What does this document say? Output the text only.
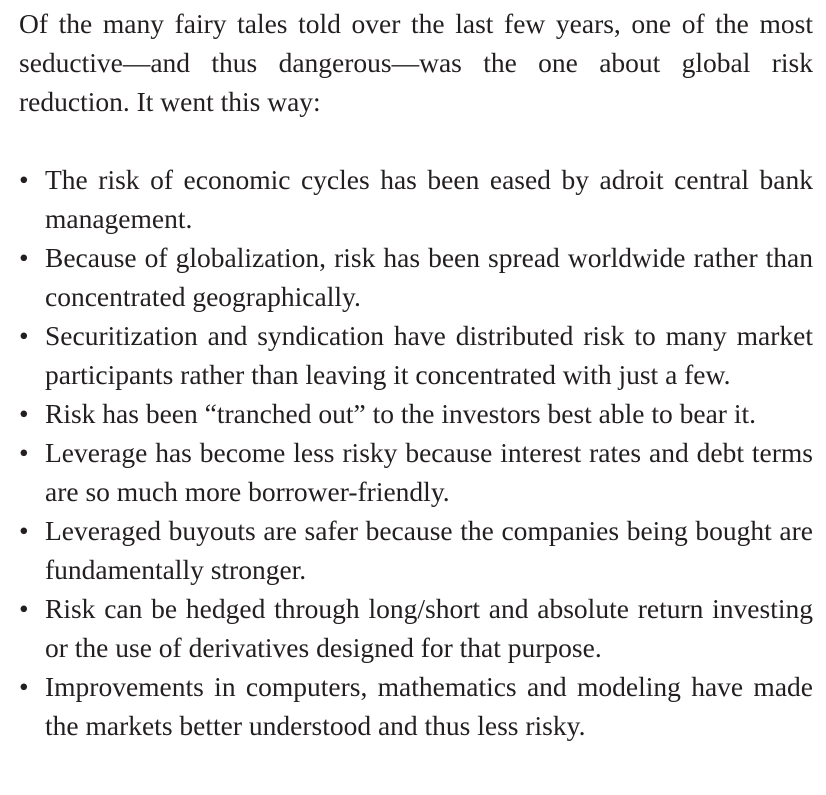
Of the many fairy tales told over the last few years, one of the most seductive—and thus dangerous—was the one about global risk reduction. It went this way:

• The risk of economic cycles has been eased by adroit central bank management.
• Because of globalization, risk has been spread worldwide rather than concentrated geographically.
• Securitization and syndication have distributed risk to many market participants rather than leaving it concentrated with just a few.
• Risk has been “tranched out” to the investors best able to bear it.
• Leverage has become less risky because interest rates and debt terms are so much more borrower-friendly.
• Leveraged buyouts are safer because the companies being bought are fundamentally stronger.
• Risk can be hedged through long/short and absolute return investing or the use of derivatives designed for that purpose.
• Improvements in computers, mathematics and modeling have made the markets better understood and thus less risky.
